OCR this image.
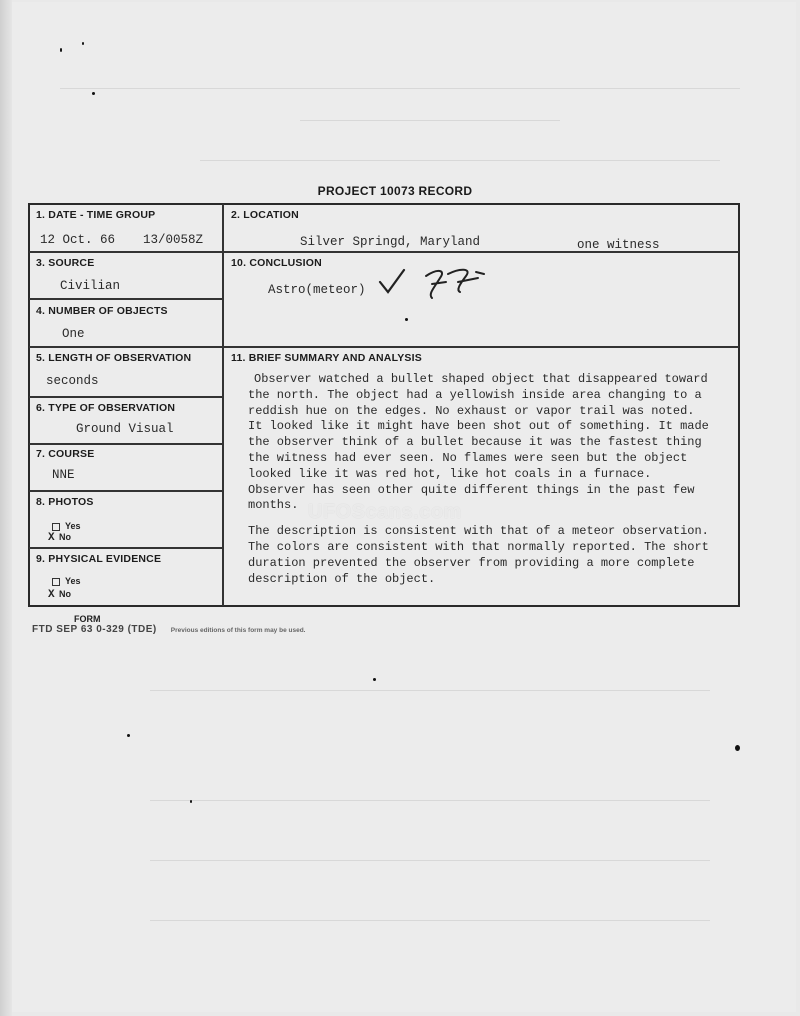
PROJECT 10073 RECORD
1. DATE - TIME GROUP
12 Oct. 66 13/0058Z
2. LOCATION
Silver Springd, Maryland	one witness
3. SOURCE
Civilian
10. CONCLUSION
Astro(meteor)
4. NUMBER OF OBJECTS
One
5. LENGTH OF OBSERVATION
seconds
6. TYPE OF OBSERVATION
Ground Visual
7. COURSE
NNE
8. PHOTOS
Yes
X No
9. PHYSICAL EVIDENCE
Yes
X No
11. BRIEF SUMMARY AND ANALYSIS

Observer watched a bullet shaped object that disappeared toward the north. The object had a yellowish inside area changing to a reddish hue on the edges. No exhaust or vapor trail was noted. It looked like it might have been shot out of something. It made the observer think of a bullet because it was the fastest thing the witness had ever seen. No flames were seen but the object looked like it was red hot, like hot coals in a furnace. Observer has seen other quite different things in the past few months.

The description is consistent with that of a meteor observation. The colors are consistent with that normally reported. The short duration prevented the observer from providing a more complete description of the object.

UFOScans.com
FORM
FTD SEP 63 0-329 (TDE) Previous editions of this form may be used.
